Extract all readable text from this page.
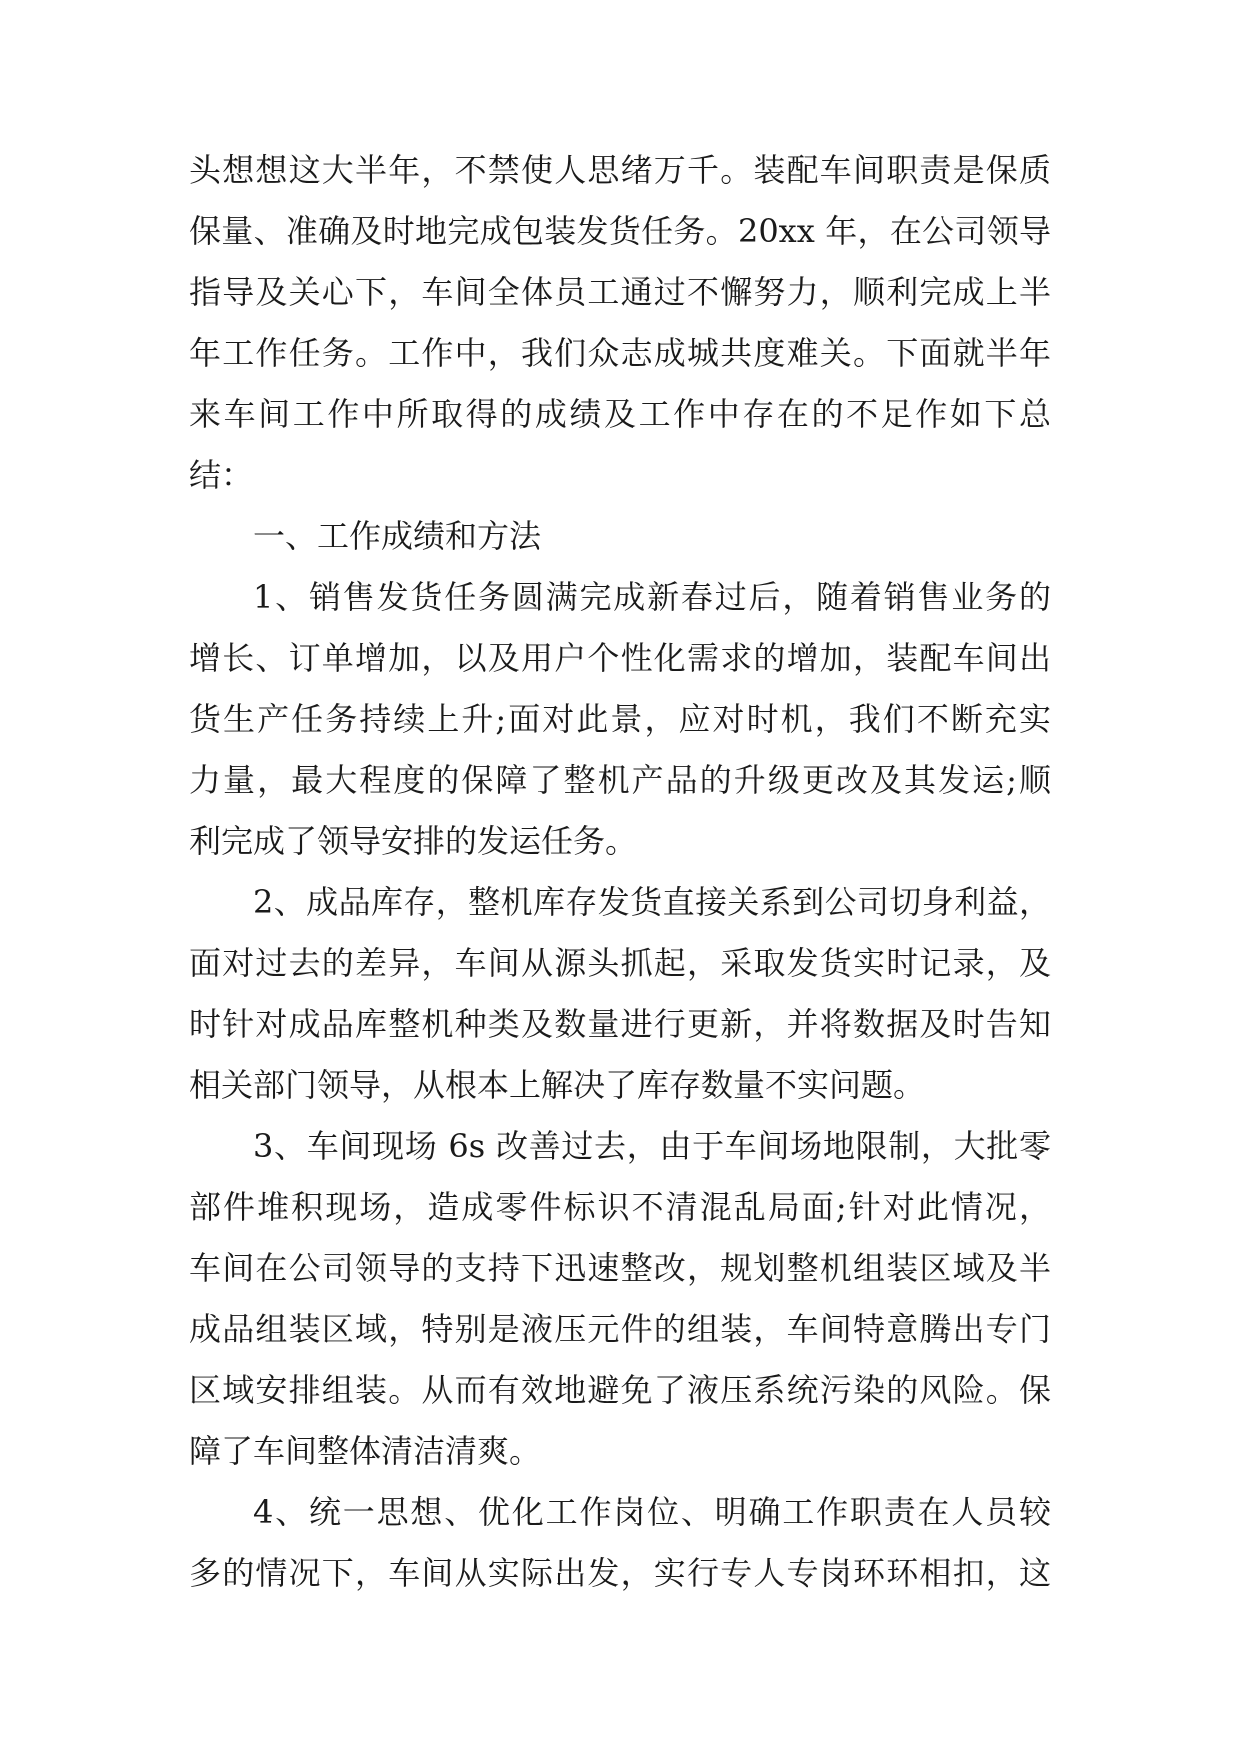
头想想这大半年，不禁使人思绪万千。装配车间职责是保质
保量、准确及时地完成包装发货任务。20xx 年，在公司领导
指导及关心下，车间全体员工通过不懈努力，顺利完成上半
年工作任务。工作中，我们众志成城共度难关。下面就半年
来车间工作中所取得的成绩及工作中存在的不足作如下总
结：
一、工作成绩和方法
1、销售发货任务圆满完成新春过后，随着销售业务的
增长、订单增加，以及用户个性化需求的增加，装配车间出
货生产任务持续上升;面对此景，应对时机，我们不断充实
力量，最大程度的保障了整机产品的升级更改及其发运;顺
利完成了领导安排的发运任务。
2、成品库存，整机库存发货直接关系到公司切身利益，
面对过去的差异，车间从源头抓起，采取发货实时记录，及
时针对成品库整机种类及数量进行更新，并将数据及时告知
相关部门领导，从根本上解决了库存数量不实问题。
3、车间现场 6s 改善过去，由于车间场地限制，大批零
部件堆积现场，造成零件标识不清混乱局面;针对此情况，
车间在公司领导的支持下迅速整改，规划整机组装区域及半
成品组装区域，特别是液压元件的组装，车间特意腾出专门
区域安排组装。从而有效地避免了液压系统污染的风险。保
障了车间整体清洁清爽。
4、统一思想、优化工作岗位、明确工作职责在人员较
多的情况下，车间从实际出发，实行专人专岗环环相扣，这
